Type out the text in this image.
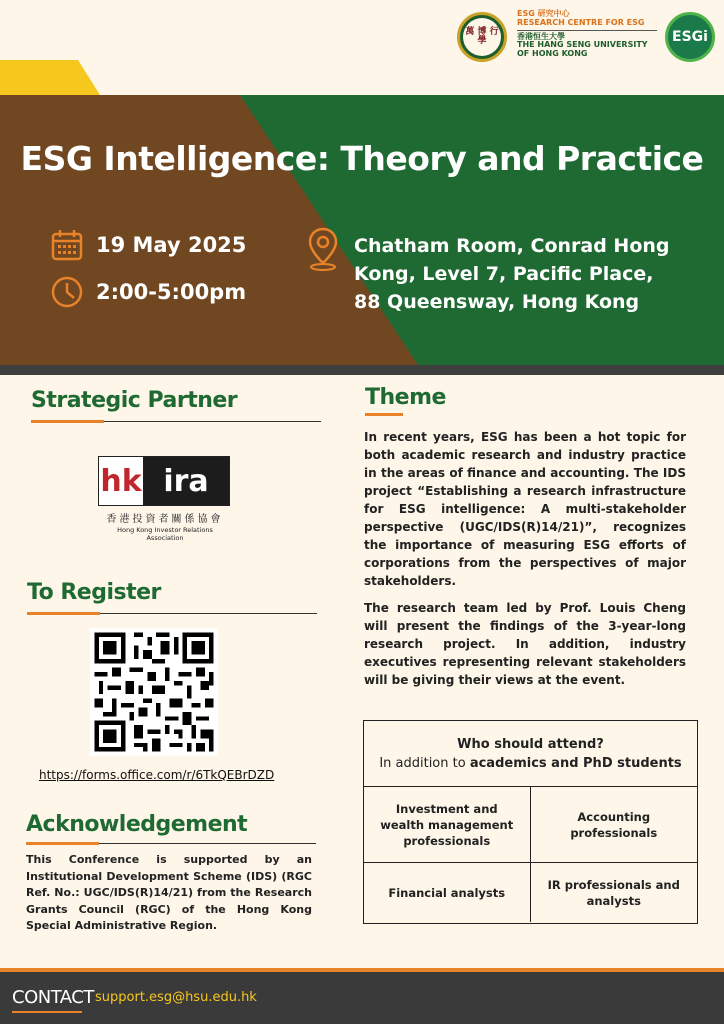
萬 博 行 學
ESG 研究中心
RESEARCH CENTRE FOR ESG
香港恒生大學
THE HANG SENG UNIVERSITY
OF HONG KONG
ESGi
ESG Intelligence: Theory and Practice
19 May 2025
2:00-5:00pm
Chatham Room, Conrad Hong Kong, Level 7, Pacific Place, 88 Queensway, Hong Kong
Strategic Partner
hk ira
香港投資者關係協會
Hong Kong Investor Relations Association
To Register
https://forms.office.com/r/6TkQEBrDZD
Acknowledgement
This Conference is supported by an Institutional Development Scheme (IDS) (RGC Ref. No.: UGC/IDS(R)14/21) from the Research Grants Council (RGC) of the Hong Kong Special Administrative Region.
Theme

In recent years, ESG has been a hot topic for both academic research and industry practice in the areas of finance and accounting. The IDS project “Establishing a research infrastructure for ESG intelligence: A multi-stakeholder perspective (UGC/IDS(R)14/21)”, recognizes the importance of measuring ESG efforts of corporations from the perspectives of major stakeholders.

The research team led by Prof. Louis Cheng will present the findings of the 3-year-long research project. In addition, industry executives representing relevant stakeholders will be giving their views at the event.

Who should attend?
In addition to academics and PhD students
Investment and wealth management professionals
Accounting professionals
Financial analysts
IR professionals and analysts
CONTACT support.esg@hsu.edu.hk
